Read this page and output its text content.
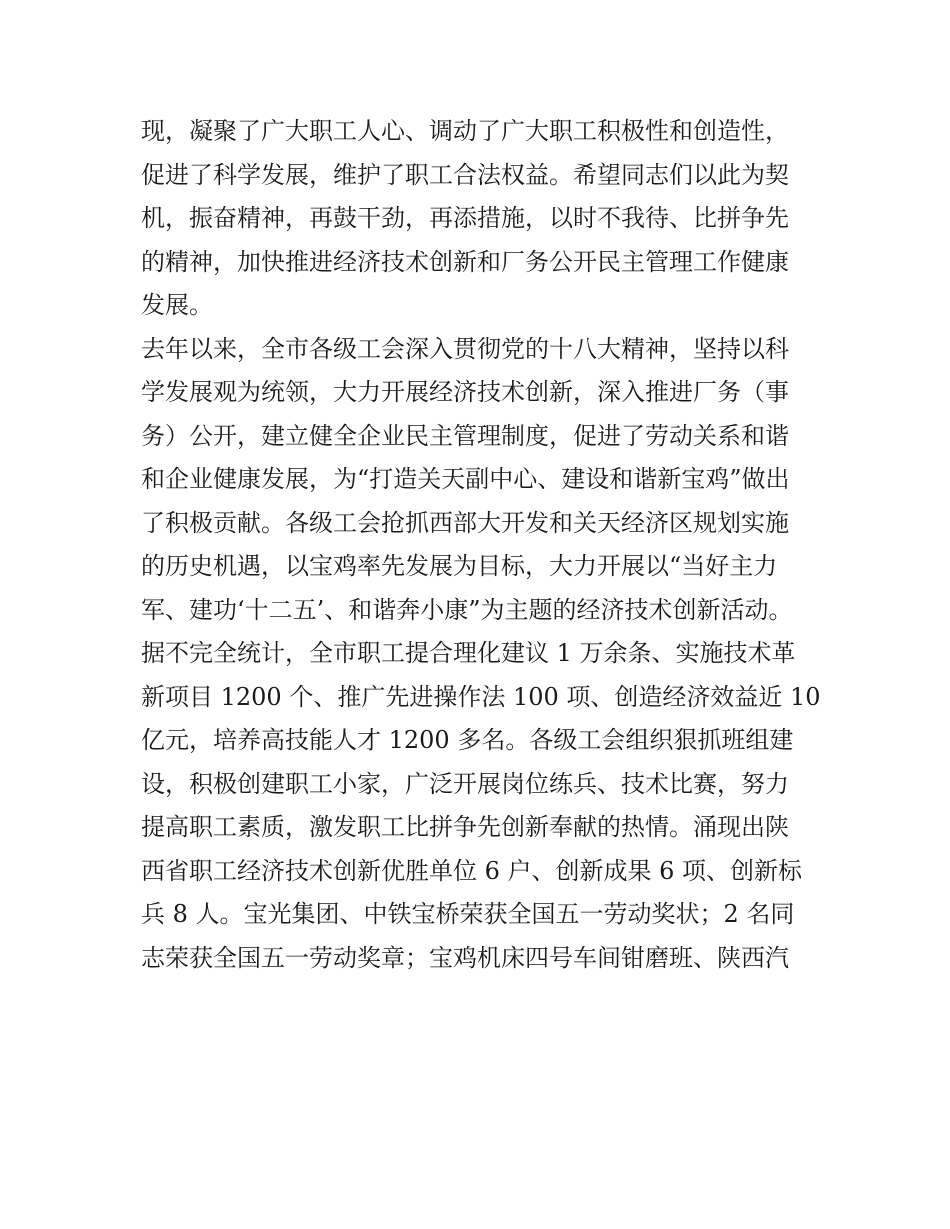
现，凝聚了广大职工人心、调动了广大职工积极性和创造性，
促进了科学发展，维护了职工合法权益。希望同志们以此为契
机，振奋精神，再鼓干劲，再添措施，以时不我待、比拼争先
的精神，加快推进经济技术创新和厂务公开民主管理工作健康
发展。
去年以来，全市各级工会深入贯彻党的十八大精神，坚持以科
学发展观为统领，大力开展经济技术创新，深入推进厂务（事
务）公开，建立健全企业民主管理制度，促进了劳动关系和谐
和企业健康发展，为“打造关天副中心、建设和谐新宝鸡”做出
了积极贡献。各级工会抢抓西部大开发和关天经济区规划实施
的历史机遇，以宝鸡率先发展为目标，大力开展以“当好主力
军、建功‘十二五’、和谐奔小康”为主题的经济技术创新活动。
据不完全统计，全市职工提合理化建议 1 万余条、实施技术革
新项目 1200 个、推广先进操作法 100 项、创造经济效益近 10
亿元，培养高技能人才 1200 多名。各级工会组织狠抓班组建
设，积极创建职工小家，广泛开展岗位练兵、技术比赛，努力
提高职工素质，激发职工比拼争先创新奉献的热情。涌现出陕
西省职工经济技术创新优胜单位 6 户、创新成果 6 项、创新标
兵 8 人。宝光集团、中铁宝桥荣获全国五一劳动奖状；2 名同
志荣获全国五一劳动奖章；宝鸡机床四号车间钳磨班、陕西汽
